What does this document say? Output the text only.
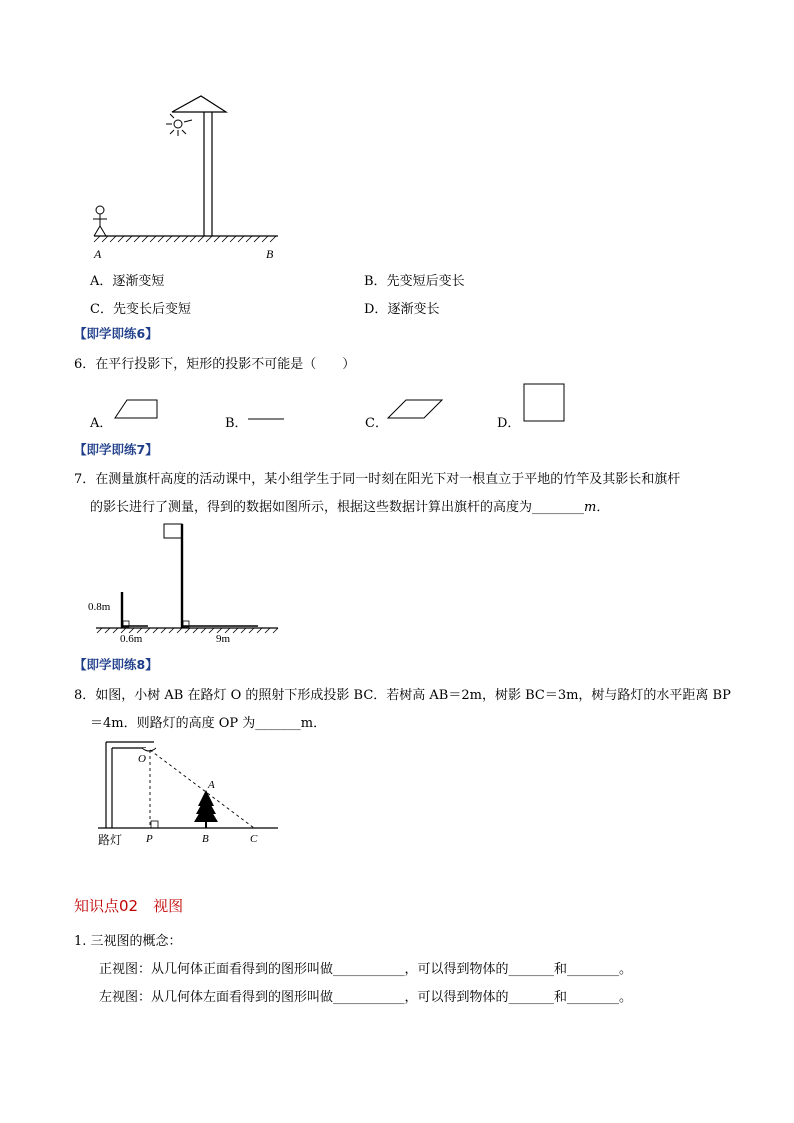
A	B
A．逐渐变短	B．先变短后变长
C．先变长后变短	D．逐渐变长
【即学即练6】
6．在平行投影下，矩形的投影不可能是（　　）
A．	B．	C．	D．
【即学即练7】
7．在测量旗杆高度的活动课中，某小组学生于同一时刻在阳光下对一根直立于平地的竹竿及其影长和旗杆
的影长进行了测量，得到的数据如图所示，根据这些数据计算出旗杆的高度为________m．
0.8m
0.6m	9m
【即学即练8】
8．如图，小树 AB 在路灯 O 的照射下形成投影 BC．若树高 AB＝2m，树影 BC＝3m，树与路灯的水平距离 BP
＝4m．则路灯的高度 OP 为_______m．
O
A
P	B	C
路灯
知识点02　视图
1. 三视图的概念：
正视图：从几何体正面看得到的图形叫做___________，可以得到物体的_______和________。
左视图：从几何体左面看得到的图形叫做___________，可以得到物体的_______和________。
